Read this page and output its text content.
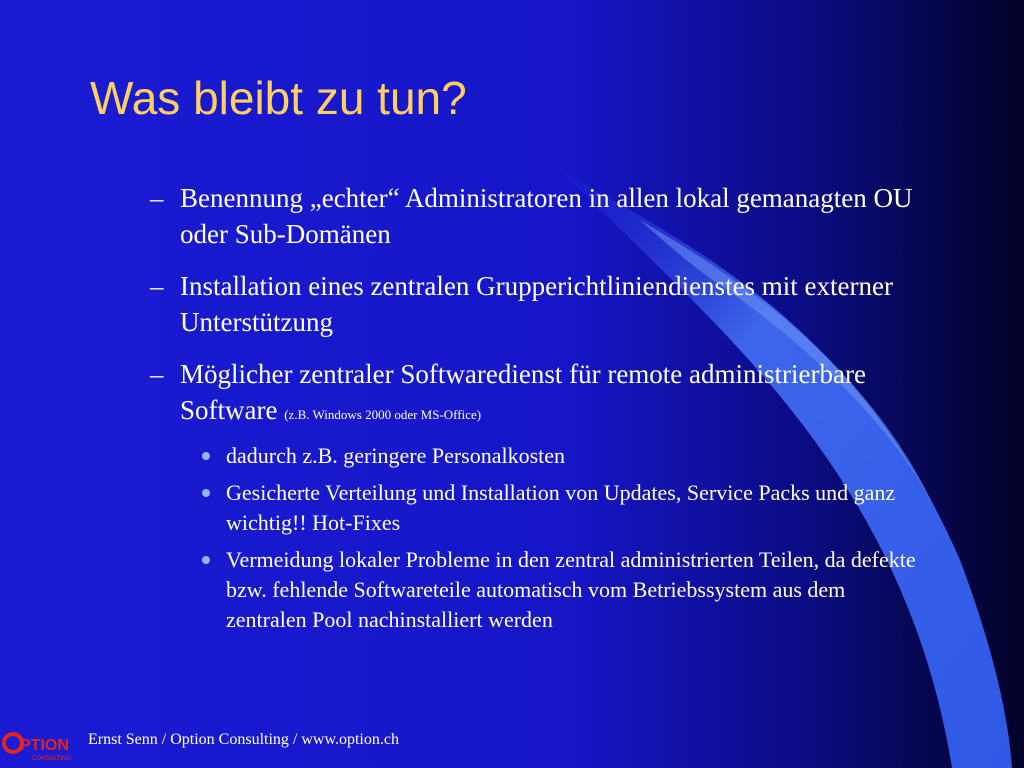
Was bleibt zu tun?
– Benennung „echter“ Administratoren in allen lokal gemanagten OU oder Sub-Domänen
– Installation eines zentralen Grupperichtliniendienstes mit externer Unterstützung
– Möglicher zentraler Softwaredienst für remote administrierbare Software (z.B. Windows 2000 oder MS-Office)
dadurch z.B. geringere Personalkosten
Gesicherte Verteilung und Installation von Updates, Service Packs und ganz wichtig!! Hot-Fixes
Vermeidung lokaler Probleme in den zentral administrierten Teilen, da defekte bzw. fehlende Softwareteile automatisch vom Betriebssystem aus dem zentralen Pool nachinstalliert werden
PTION
CONSULTING
Ernst Senn / Option Consulting / www.option.ch
